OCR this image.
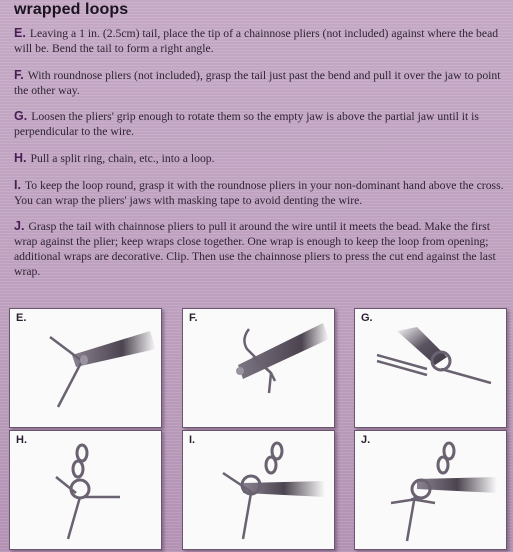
wrapped loops

E. Leaving a 1 in. (2.5cm) tail, place the tip of a chainnose pliers (not included) against where the bead will be. Bend the tail to form a right angle.

F. With roundnose pliers (not included), grasp the tail just past the bend and pull it over the jaw to point the other way.

G. Loosen the pliers' grip enough to rotate them so the empty jaw is above the partial jaw until it is perpendicular to the wire.

H. Pull a split ring, chain, etc., into a loop.

I. To keep the loop round, grasp it with the roundnose pliers in your non-dominant hand above the cross. You can wrap the pliers' jaws with masking tape to avoid denting the wire.

J. Grasp the tail with chainnose pliers to pull it around the wire until it meets the bead. Make the first wrap against the plier; keep wraps close together. One wrap is enough to keep the loop from opening; additional wraps are decorative. Clip. Then use the chainnose pliers to press the cut end against the last wrap.

E.	F.	G.
H.	I.	J.
